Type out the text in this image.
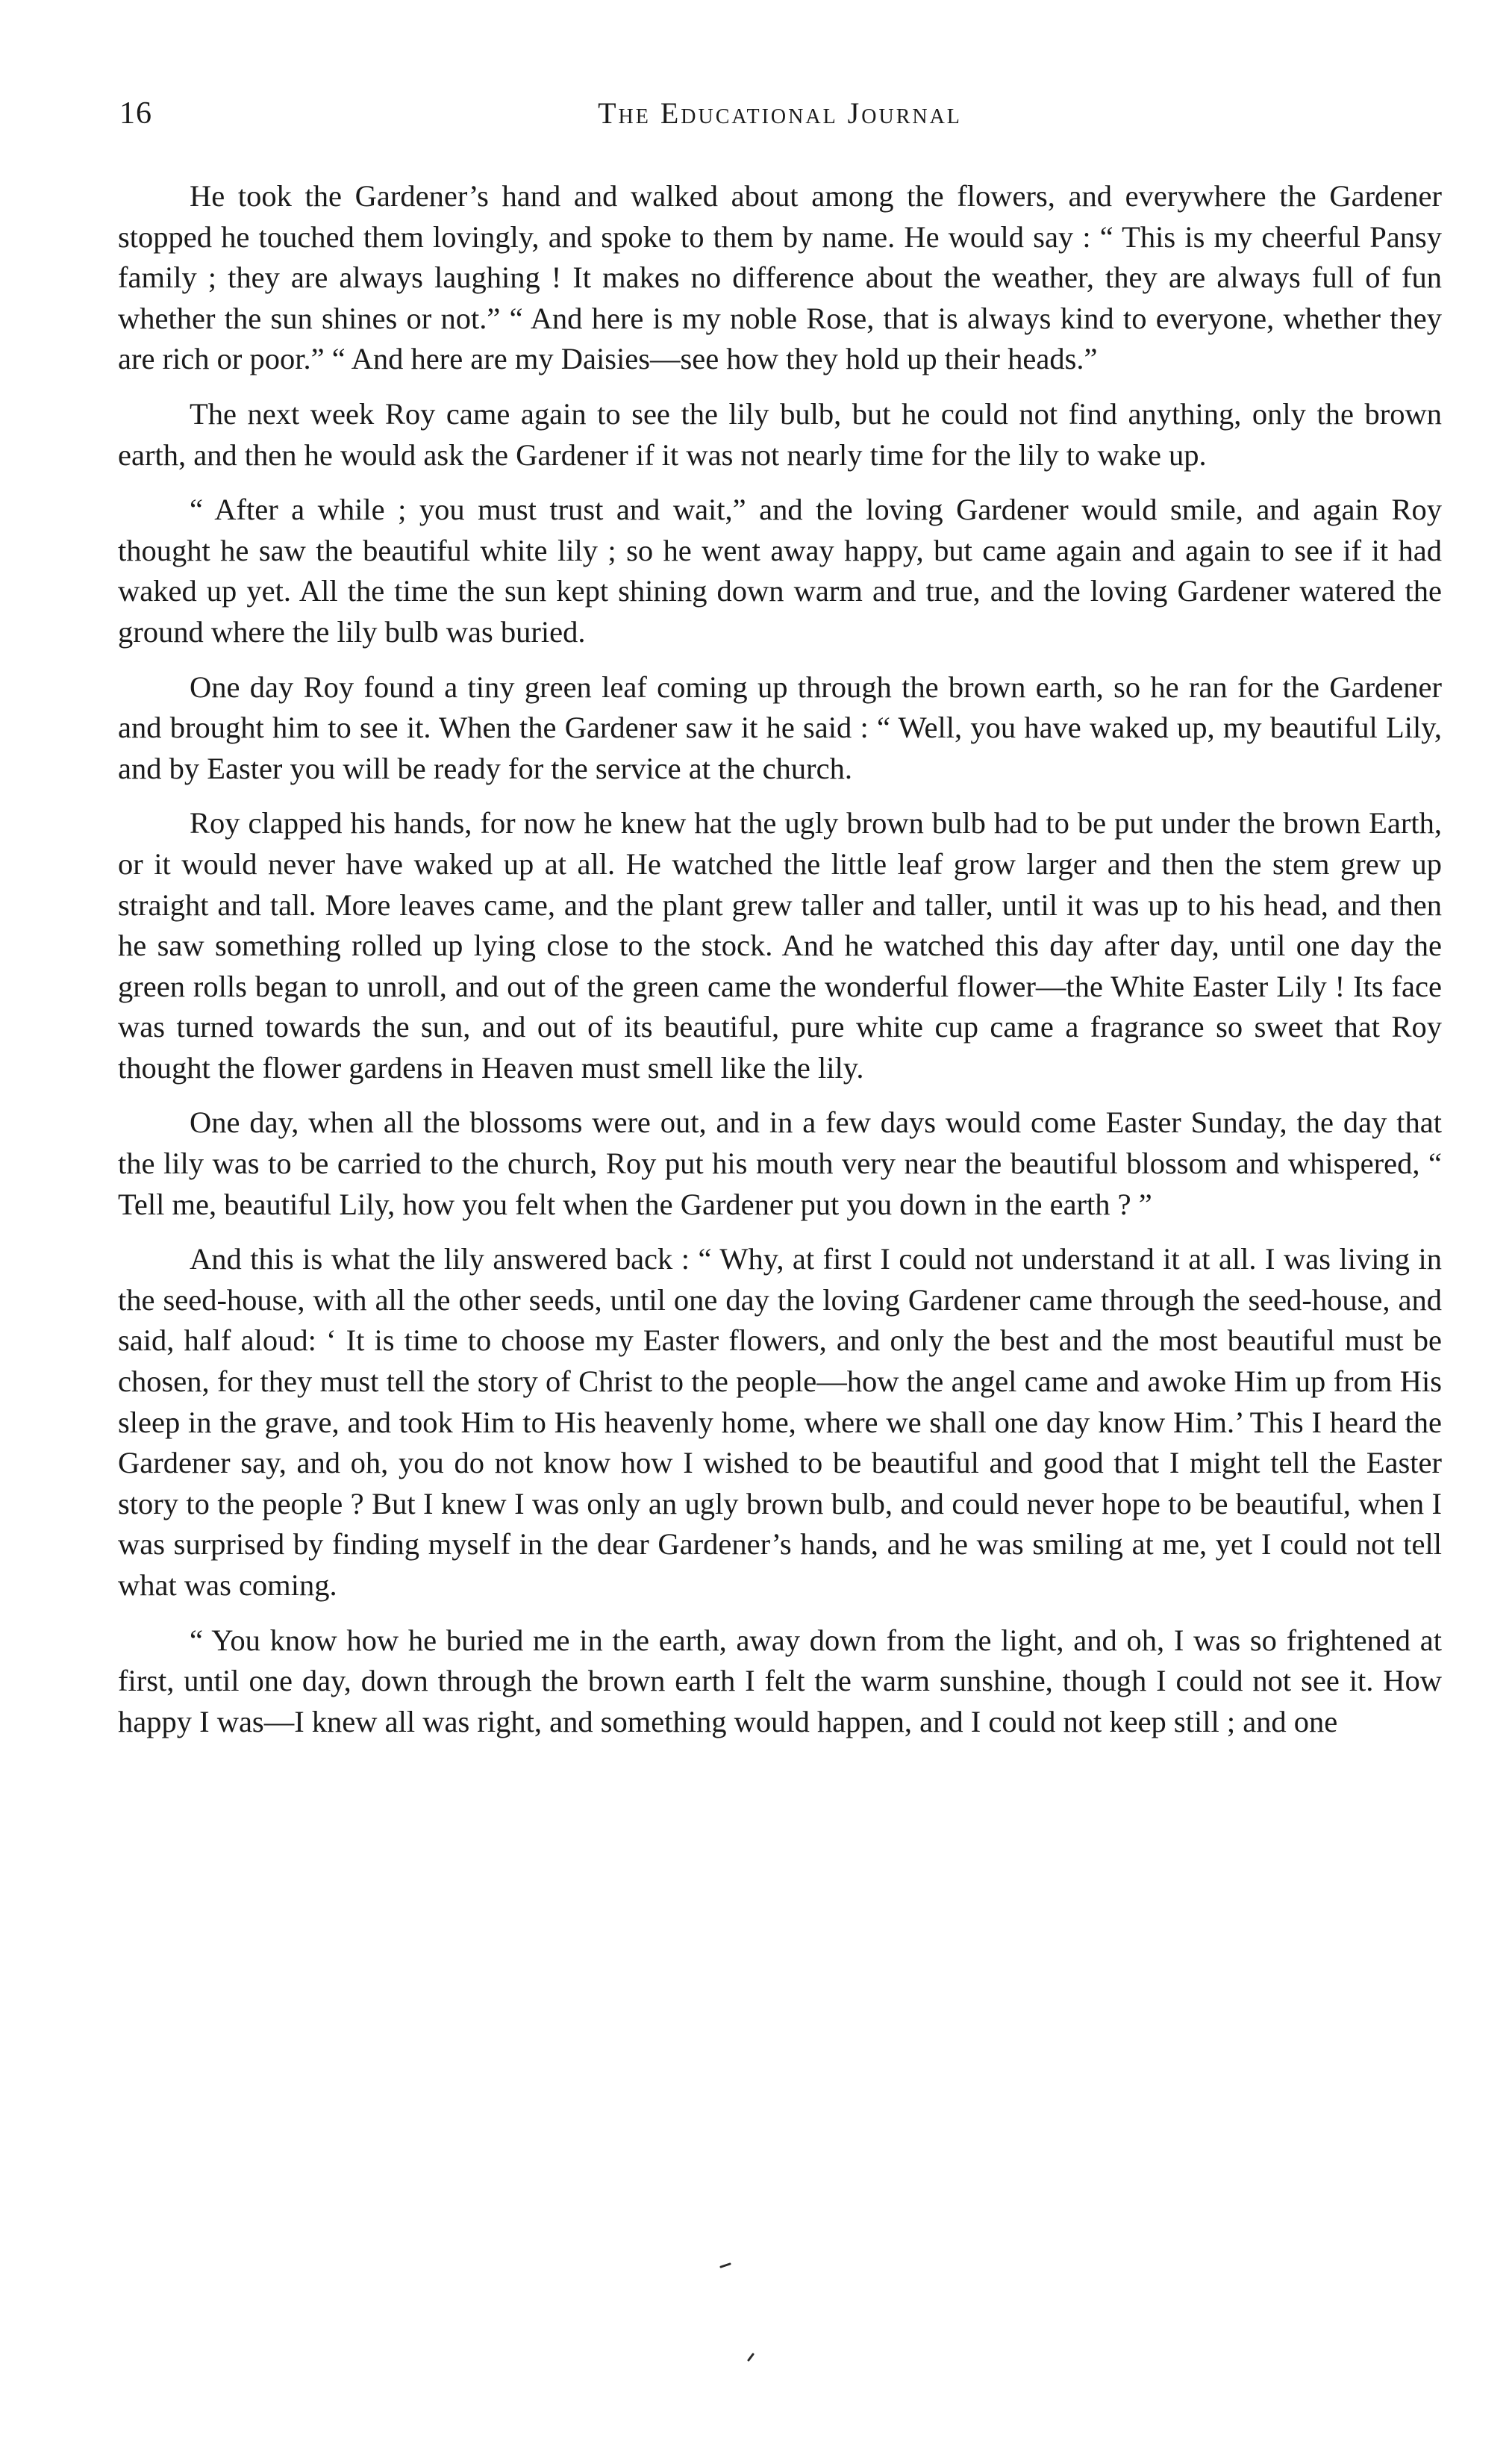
16	The Educational Journal

He took the Gardener’s hand and walked about among the flowers, and everywhere the Gardener stopped he touched them lovingly, and spoke to them by name. He would say : “ This is my cheerful Pansy family ; they are always laughing ! It makes no difference about the weather, they are always full of fun whether the sun shines or not.” “ And here is my noble Rose, that is always kind to everyone, whether they are rich or poor.” “ And here are my Daisies—see how they hold up their heads.”

The next week Roy came again to see the lily bulb, but he could not find anything, only the brown earth, and then he would ask the Gardener if it was not nearly time for the lily to wake up.

“ After a while ; you must trust and wait,” and the loving Gardener would smile, and again Roy thought he saw the beautiful white lily ; so he went away happy, but came again and again to see if it had waked up yet. All the time the sun kept shining down warm and true, and the loving Gardener watered the ground where the lily bulb was buried.

One day Roy found a tiny green leaf coming up through the brown earth, so he ran for the Gardener and brought him to see it. When the Gardener saw it he said : “ Well, you have waked up, my beautiful Lily, and by Easter you will be ready for the service at the church.

Roy clapped his hands, for now he knew hat the ugly brown bulb had to be put under the brown Earth, or it would never have waked up at all. He watched the little leaf grow larger and then the stem grew up straight and tall. More leaves came, and the plant grew taller and taller, until it was up to his head, and then he saw something rolled up lying close to the stock. And he watched this day after day, until one day the green rolls began to unroll, and out of the green came the wonderful flower—the White Easter Lily ! Its face was turned towards the sun, and out of its beautiful, pure white cup came a fragrance so sweet that Roy thought the flower gardens in Heaven must smell like the lily.

One day, when all the blossoms were out, and in a few days would come Easter Sunday, the day that the lily was to be carried to the church, Roy put his mouth very near the beautiful blossom and whispered, “ Tell me, beautiful Lily, how you felt when the Gardener put you down in the earth ? ”

And this is what the lily answered back : “ Why, at first I could not understand it at all. I was living in the seed-house, with all the other seeds, until one day the loving Gardener came through the seed-house, and said, half aloud: ‘ It is time to choose my Easter flowers, and only the best and the most beautiful must be chosen, for they must tell the story of Christ to the people—how the angel came and awoke Him up from His sleep in the grave, and took Him to His heavenly home, where we shall one day know Him.’ This I heard the Gardener say, and oh, you do not know how I wished to be beautiful and good that I might tell the Easter story to the people ? But I knew I was only an ugly brown bulb, and could never hope to be beautiful, when I was surprised by finding myself in the dear Gardener’s hands, and he was smiling at me, yet I could not tell what was coming.

“ You know how he buried me in the earth, away down from the light, and oh, I was so frightened at first, until one day, down through the brown earth I felt the warm sunshine, though I could not see it. How happy I was—I knew all was right, and something would happen, and I could not keep still ; and one
